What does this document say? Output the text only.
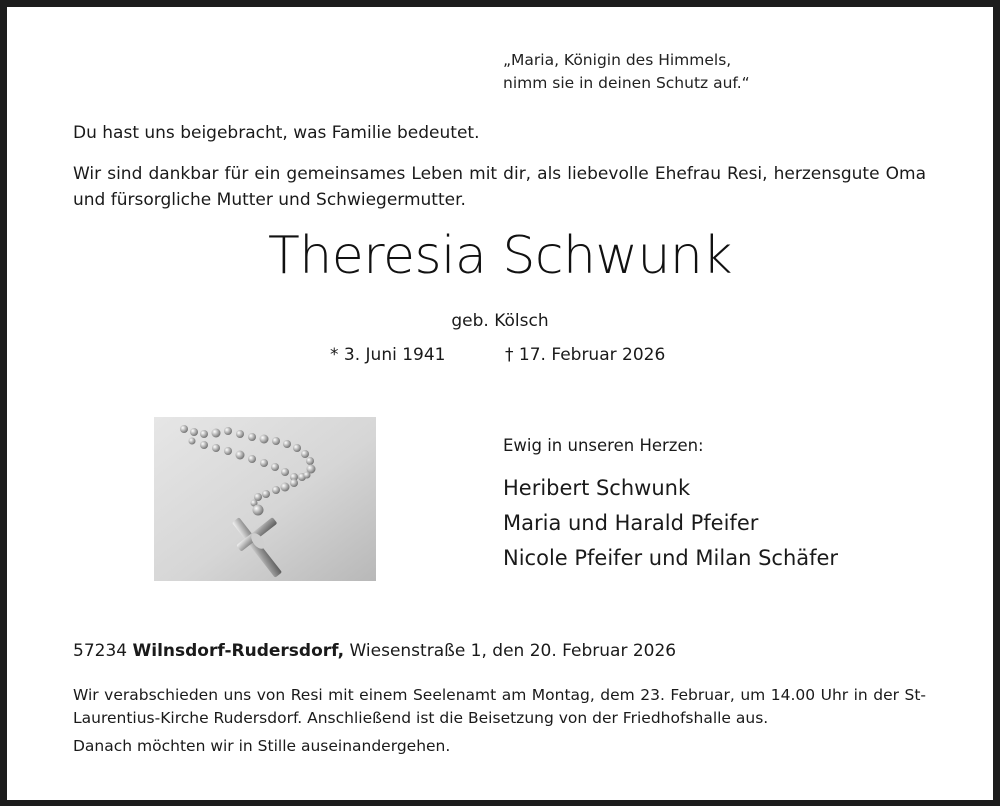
„Maria, Königin des Himmels,
nimm sie in deinen Schutz auf.“
Du hast uns beigebracht, was Familie bedeutet.
Wir sind dankbar für ein gemeinsames Leben mit dir, als liebevolle Ehefrau Resi, herzensgute Oma und fürsorgliche Mutter und Schwiegermutter.
Theresia Schwunk
geb. Kölsch
* 3. Juni 1941	† 17. Februar 2026
Ewig in unseren Herzen:
Heribert Schwunk
Maria und Harald Pfeifer
Nicole Pfeifer und Milan Schäfer
57234 Wilnsdorf-Rudersdorf, Wiesenstraße 1, den 20. Februar 2026
Wir verabschieden uns von Resi mit einem Seelenamt am Montag, dem 23. Februar, um 14.00 Uhr in der St-Laurentius-Kirche Rudersdorf. Anschließend ist die Beisetzung von der Friedhofshalle aus.
Danach möchten wir in Stille auseinandergehen.
